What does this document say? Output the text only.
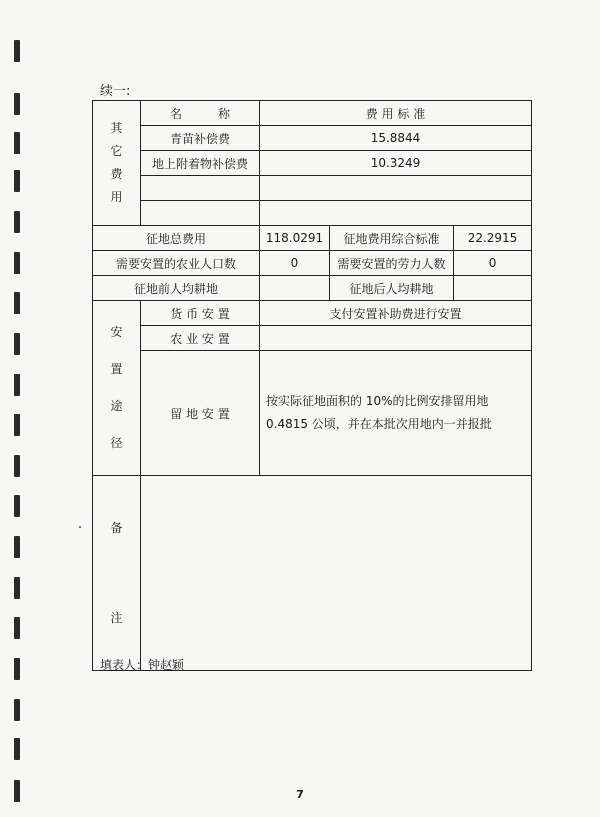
续一:
其
它
费
用	名　　　称	费 用 标 准		
	青苗补偿费	15.8844		
	地上附着物补偿费	10.3249		

征地总费用		118.0291	征地费用综合标准	22.2915
需要安置的农业人口数		0	需要安置的劳力人数	0
征地前人均耕地			征地后人均耕地	

安
置
途
径	货 币 安 置	支付安置补助费进行安置		
	农 业 安 置			
	留 地 安 置	按实际征地面积的 10%的比例安排留用地 0.4815 公顷，并在本批次用地内一并报批		

备
注				

填表人：钟赵颖
7
